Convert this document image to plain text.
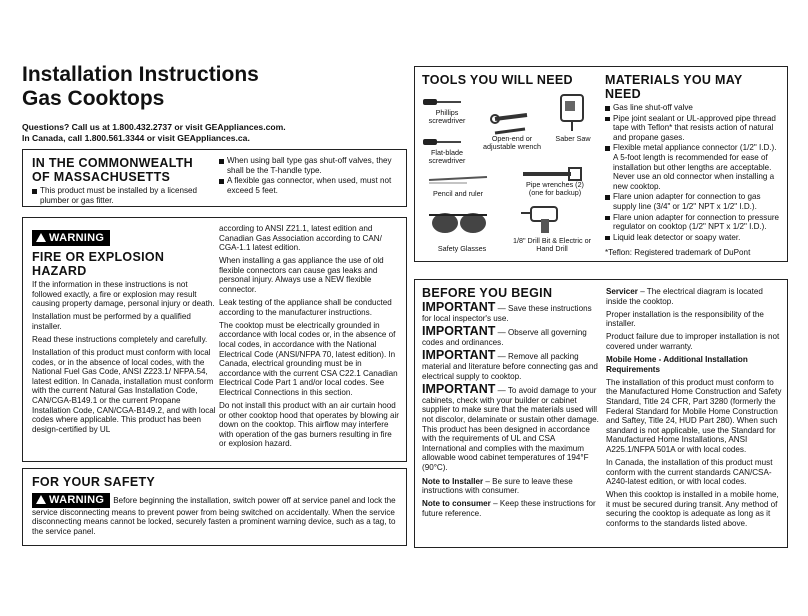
Installation Instructions
Gas Cooktops
Questions? Call us at 1.800.432.2737 or visit GEAppliances.com.
In Canada, call 1.800.561.3344 or visit GEAppliances.ca.
IN THE COMMONWEALTH
OF MASSACHUSETTS
This product must be installed by a licensed plumber or gas fitter.
When using ball type gas shut-off valves, they shall be the T-handle type.
A flexible gas connector, when used, must not exceed 5 feet.
WARNING
FIRE OR EXPLOSION
HAZARD

If the information in these instructions is not followed exactly, a fire or explosion may result causing property damage, personal injury or death.

Installation must be performed by a qualified installer.

Read these instructions completely and carefully.

Installation of this product must conform with local codes, or in the absence of local codes, with the National Fuel Gas Code, ANSI Z223.1/ NFPA.54, latest edition. In Canada, installation must conform with the current Natural Gas Installation Code, CAN/CGA-B149.1 or the current Propane Installation Code, CAN/CGA-B149.2, and with local codes where applicable. This product has been design-certified by UL

according to ANSI Z21.1, latest edition and Canadian Gas Association according to CAN/ CGA-1.1 latest edition.

When installing a gas appliance the use of old flexible connectors can cause gas leaks and personal injury. Always use a NEW flexible connector.

Leak testing of the appliance shall be conducted according to the manufacturer instructions.

The cooktop must be electrically grounded in accordance with local codes or, in the absence of local codes, in accordance with the National Electrical Code (ANSI/NFPA 70, latest edition). In Canada, electrical grounding must be in accordance with the current CSA C22.1 Canadian Electrical Code Part 1 and/or local codes. See Electrical Connections in this section.

Do not install this product with an air curtain hood or other cooktop hood that operates by blowing air down on the cooktop. This airflow may interfere with operation of the gas burners resulting in fire or explosion hazard.

FOR YOUR SAFETY
WARNING Before beginning the installation, switch power off at service panel and lock the service disconnecting means to prevent power from being switched on accidentally. When the service disconnecting means cannot be locked, securely fasten a prominent warning device, such as a tag, to the service panel.
TOOLS YOU WILL NEED
Phillips screwdriver
Flat-blade screwdriver
Open-end or adjustable wrench
Saber Saw
Pencil and ruler
Pipe wrenches (2) (one for backup)
Safety Glasses
1/8" Drill Bit & Electric or Hand Drill
MATERIALS YOU MAY
NEED
Gas line shut-off valve
Pipe joint sealant or UL-approved pipe thread tape with Teflon* that resists action of natural and propane gases.
Flexible metal appliance connector (1/2" I.D.). A 5-foot length is recommended for ease of installation but other lengths are acceptable. Never use an old connector when installing a new cooktop.
Flare union adapter for connection to gas supply line (3/4" or 1/2" NPT x 1/2" I.D.).
Flare union adapter for connection to pressure regulator on cooktop (1/2" NPT x 1/2" I.D.).
Liquid leak detector or soapy water.
*Teflon: Registered trademark of DuPont
BEFORE YOU BEGIN
IMPORTANT — Save these instructions for local inspector's use.
IMPORTANT — Observe all governing codes and ordinances.
IMPORTANT — Remove all packing material and literature before connecting gas and electrical supply to cooktop.
IMPORTANT — To avoid damage to your cabinets, check with your builder or cabinet supplier to make sure that the materials used will not discolor, delaminate or sustain other damage. This product has been designed in accordance with the requirements of UL and CSA International and complies with the maximum allowable wood cabinet temperatures of 194°F (90°C).

Note to Installer – Be sure to leave these instructions with consumer.

Note to consumer – Keep these instructions for future reference.

Servicer – The electrical diagram is located inside the cooktop.

Proper installation is the responsibility of the installer.

Product failure due to improper installation is not covered under warranty.

Mobile Home - Additional Installation Requirements

The installation of this product must conform to the Manufactured Home Construction and Safety Standard, Title 24 CFR, Part 3280 (formerly the Federal Standard for Mobile Home Construction and Saftey, Title 24, HUD Part 280). When such standard is not applicable, use the Standard for Manufactured Home Installations, ANSI A225.1/NFPA 501A or with local codes.

In Canada, the installation of this product must conform with the current standards CAN/CSA-A240-latest edition, or with local codes.

When this cooktop is installed in a mobile home, it must be secured during transit. Any method of securing the cooktop is adequate as long as it conforms to the standards listed above.
